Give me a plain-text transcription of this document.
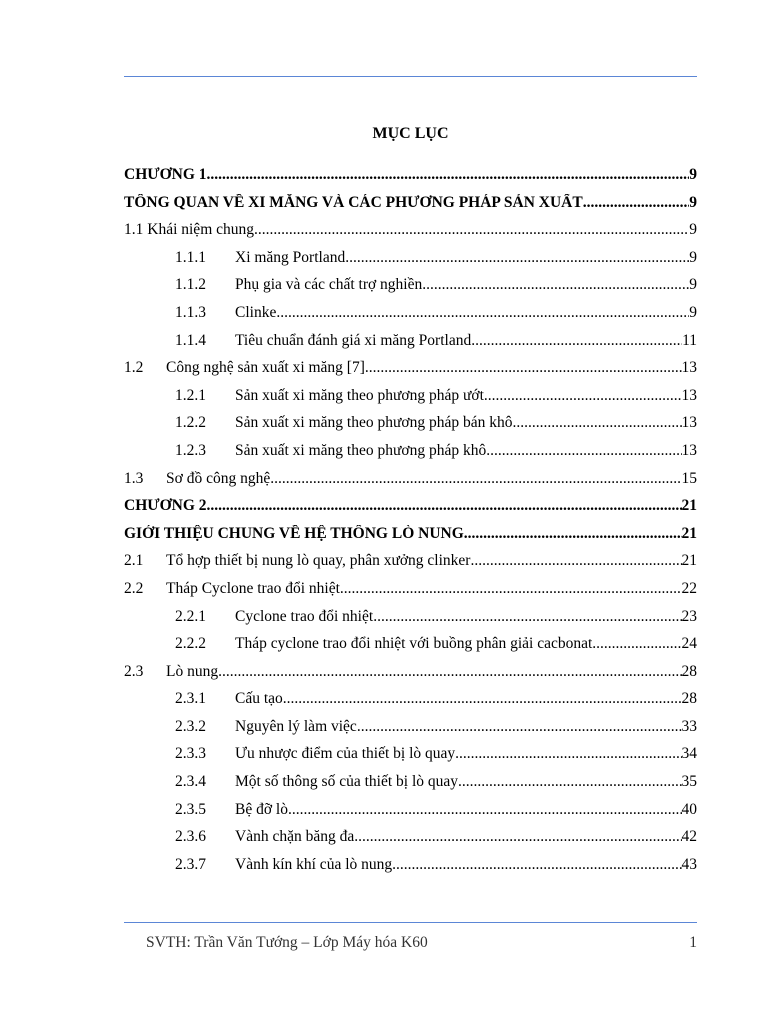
MỤC LỤC
CHƯƠNG 1 .....	9
TỔNG QUAN VỀ XI MĂNG VÀ CÁC PHƯƠNG PHÁP SẢN XUẤT .....	9
1.1 Khái niệm chung .....	9
1.1.1	Xi măng Portland .....	9
1.1.2	Phụ gia và các chất trợ nghiền .....	9
1.1.3	Clinke .....	9
1.1.4	Tiêu chuẩn đánh giá xi măng Portland .....	11
1.2	Công nghệ sản xuất xi măng [7] .....	13
1.2.1	Sản xuất xi măng theo phương pháp ướt .....	13
1.2.2	Sản xuất xi măng theo phương pháp bán khô .....	13
1.2.3	Sản xuất xi măng theo phương pháp khô .....	13
1.3	Sơ đồ công nghệ .....	15
CHƯƠNG 2 .....	21
GIỚI THIỆU CHUNG VỀ HỆ THỐNG LÒ NUNG .....	21
2.1	Tổ hợp thiết bị nung lò quay, phân xưởng clinker .....	21
2.2	Tháp Cyclone trao đổi nhiệt .....	22
2.2.1	Cyclone trao đổi nhiệt .....	23
2.2.2	Tháp cyclone trao đổi nhiệt với buồng phân giải cacbonat .....	24
2.3	Lò nung .....	28
2.3.1	Cấu tạo .....	28
2.3.2	Nguyên lý làm việc .....	33
2.3.3	Ưu nhược điểm của thiết bị lò quay .....	34
2.3.4	Một số thông số của thiết bị lò quay .....	35
2.3.5	Bệ đỡ lò .....	40
2.3.6	Vành chặn băng đa .....	42
2.3.7	Vành kín khí của lò nung .....	43
SVTH: Trần Văn Tướng – Lớp Máy hóa K60	1
